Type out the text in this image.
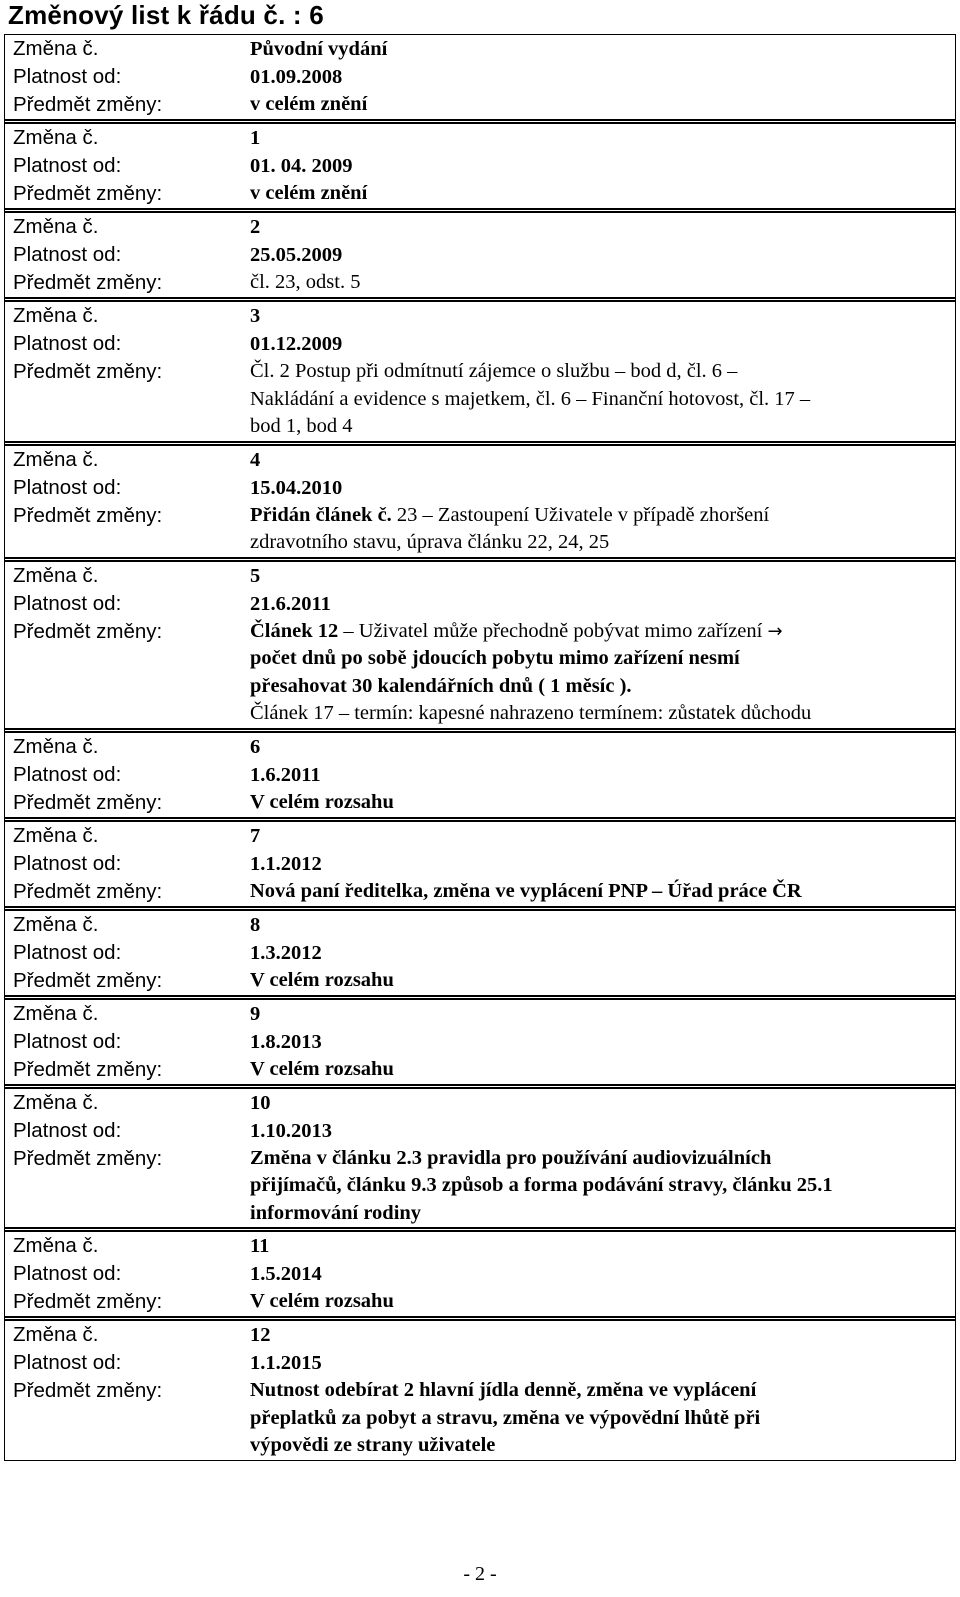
Změnový list k řádu č. : 6
Změna č.	Původní vydání
Platnost od:	01.09.2008
Předmět změny:	v celém znění
Změna č.	1
Platnost od:	01. 04. 2009
Předmět změny:	v celém znění
Změna č.	2
Platnost od:	25.05.2009
Předmět změny:	čl. 23, odst. 5
Změna č.	3
Platnost od:	01.12.2009
Předmět změny:	Čl. 2 Postup při odmítnutí zájemce o službu – bod d, čl. 6 –
Nakládání a evidence s majetkem, čl. 6 – Finanční hotovost, čl. 17 –
bod 1, bod 4
Změna č.	4
Platnost od:	15.04.2010
Předmět změny:	Přidán článek č. 23 – Zastoupení Uživatele v případě zhoršení
zdravotního stavu, úprava článku 22, 24, 25
Změna č.	5
Platnost od:	21.6.2011
Předmět změny:	Článek 12 – Uživatel může přechodně pobývat mimo zařízení →
počet dnů po sobě jdoucích pobytu mimo zařízení nesmí
přesahovat 30 kalendářních dnů ( 1 měsíc ).
Článek 17 – termín: kapesné nahrazeno termínem: zůstatek důchodu
Změna č.	6
Platnost od:	1.6.2011
Předmět změny:	V celém rozsahu
Změna č.	7
Platnost od:	1.1.2012
Předmět změny:	Nová paní ředitelka, změna ve vyplácení PNP – Úřad práce ČR
Změna č.	8
Platnost od:	1.3.2012
Předmět změny:	V celém rozsahu
Změna č.	9
Platnost od:	1.8.2013
Předmět změny:	V celém rozsahu
Změna č.	10
Platnost od:	1.10.2013
Předmět změny:	Změna v článku 2.3 pravidla pro používání audiovizuálních
přijímačů, článku 9.3 způsob a forma podávání stravy, článku 25.1
informování rodiny
Změna č.	11
Platnost od:	1.5.2014
Předmět změny:	V celém rozsahu
Změna č.	12
Platnost od:	1.1.2015
Předmět změny:	Nutnost odebírat 2 hlavní jídla denně, změna ve vyplácení
přeplatků za pobyt a stravu, změna ve výpovědní lhůtě při
výpovědi ze strany uživatele
- 2 -
